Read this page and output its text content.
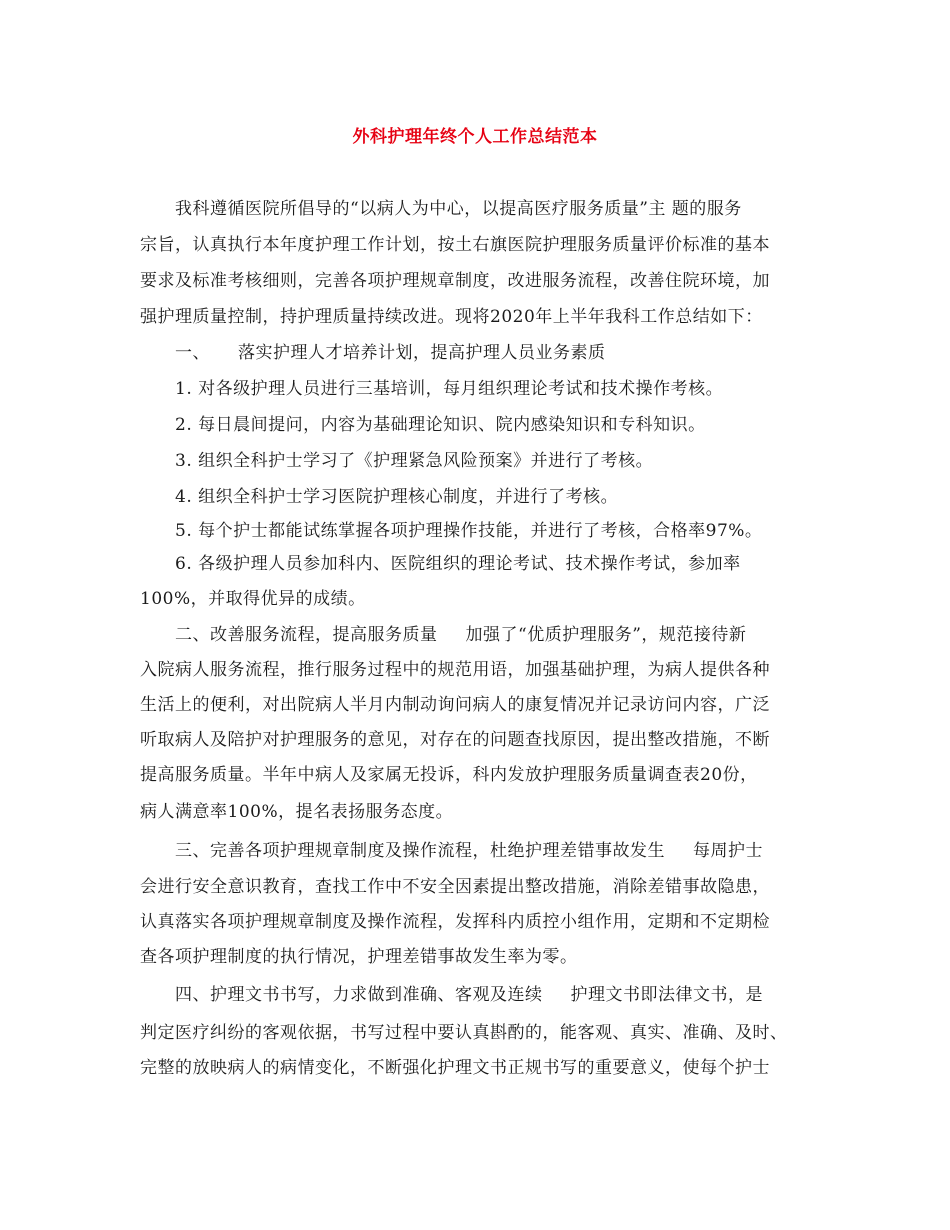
外科护理年终个人工作总结范本
我科遵循医院所倡导的“以病人为中心，以提高医疗服务质量”主 题的服务
宗旨，认真执行本年度护理工作计划，按土右旗医院护理服务质量评价标准的基本
要求及标准考核细则，完善各项护理规章制度，改进服务流程，改善住院环境，加
强护理质量控制，持护理质量持续改进。现将2020年上半年我科工作总结如下：
一、 落实护理人才培养计划，提高护理人员业务素质
1. 对各级护理人员进行三基培训，每月组织理论考试和技术操作考核。
2. 每日晨间提问，内容为基础理论知识、院内感染知识和专科知识。
3. 组织全科护士学习了《护理紧急风险预案》并进行了考核。
4. 组织全科护士学习医院护理核心制度，并进行了考核。
5. 每个护士都能试练掌握各项护理操作技能，并进行了考核，合格率97%。
6. 各级护理人员参加科内、医院组织的理论考试、技术操作考试，参加率
100%，并取得优异的成绩。
二、改善服务流程，提高服务质量 加强了“优质护理服务”，规范接待新
入院病人服务流程，推行服务过程中的规范用语，加强基础护理，为病人提供各种
生活上的便利，对出院病人半月内制动询问病人的康复情况并记录访问内容，广泛
听取病人及陪护对护理服务的意见，对存在的问题查找原因，提出整改措施，不断
提高服务质量。半年中病人及家属无投诉，科内发放护理服务质量调查表20份，
病人满意率100%，提名表扬服务态度。
三、完善各项护理规章制度及操作流程，杜绝护理差错事故发生 每周护士
会进行安全意识教育，查找工作中不安全因素提出整改措施，消除差错事故隐患，
认真落实各项护理规章制度及操作流程，发挥科内质控小组作用，定期和不定期检
查各项护理制度的执行情况，护理差错事故发生率为零。
四、护理文书书写，力求做到准确、客观及连续 护理文书即法律文书，是
判定医疗纠纷的客观依据，书写过程中要认真斟酌的，能客观、真实、准确、及时、
完整的放映病人的病情变化，不断强化护理文书正规书写的重要意义，使每个护士
